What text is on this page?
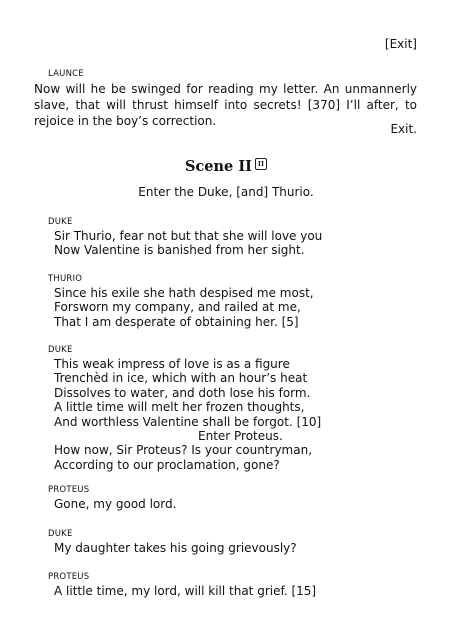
[Exit]
LAUNCE
Now will he be swinged for reading my letter. An unmannerly slave, that will thrust himself into secrets! [370] I’ll after, to rejoice in the boy’s correction.
Exit.
Scene II II
Enter the Duke, [and] Thurio.
DUKE
Sir Thurio, fear not but that she will love you
Now Valentine is banished from her sight.
THURIO
Since his exile she hath despised me most,
Forsworn my company, and railed at me,
That I am desperate of obtaining her. [5]
DUKE
This weak impress of love is as a figure
Trenchèd in ice, which with an hour’s heat
Dissolves to water, and doth lose his form.
A little time will melt her frozen thoughts,
And worthless Valentine shall be forgot. [10]
Enter Proteus.
How now, Sir Proteus? Is your countryman,
According to our proclamation, gone?
PROTEUS
Gone, my good lord.
DUKE
My daughter takes his going grievously?
PROTEUS
A little time, my lord, will kill that grief. [15]
